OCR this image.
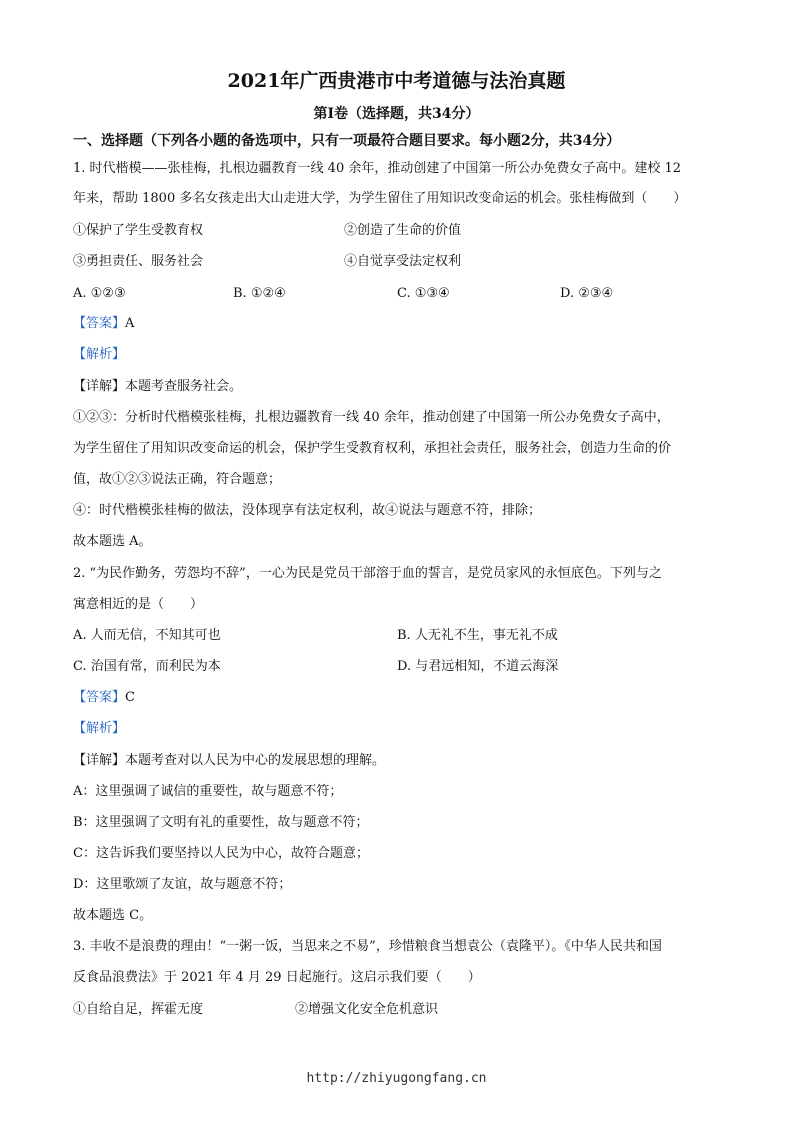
2021年广西贵港市中考道德与法治真题
第Ⅰ卷（选择题，共34分）
一、选择题（下列各小题的备选项中，只有一项最符合题目要求。每小题2分，共34分）
1. 时代楷模——张桂梅，扎根边疆教育一线 40 余年，推动创建了中国第一所公办免费女子高中。建校 12
年来，帮助 1800 多名女孩走出大山走进大学，为学生留住了用知识改变命运的机会。张桂梅做到（　　）
①保护了学生受教育权	②创造了生命的价值
③勇担责任、服务社会	④自觉享受法定权利
A. ①②③	B. ①②④	C. ①③④	D. ②③④
【答案】A
【解析】
【详解】本题考查服务社会。
①②③：分析时代楷模张桂梅，扎根边疆教育一线 40 余年，推动创建了中国第一所公办免费女子高中，
为学生留住了用知识改变命运的机会，保护学生受教育权利，承担社会责任，服务社会，创造力生命的价
值，故①②③说法正确，符合题意；
④：时代楷模张桂梅的做法，没体现享有法定权利，故④说法与题意不符，排除；
故本题选 A。
2. “为民作勤务，劳怨均不辞”，一心为民是党员干部溶于血的誓言，是党员家风的永恒底色。下列与之
寓意相近的是（　　）
A. 人而无信，不知其可也	B. 人无礼不生，事无礼不成
C. 治国有常，而利民为本	D. 与君远相知，不道云海深
【答案】C
【解析】
【详解】本题考查对以人民为中心的发展思想的理解。
A：这里强调了诚信的重要性，故与题意不符；
B：这里强调了文明有礼的重要性，故与题意不符；
C：这告诉我们要坚持以人民为中心，故符合题意；
D：这里歌颂了友谊，故与题意不符；
故本题选 C。
3. 丰收不是浪费的理由！“一粥一饭，当思来之不易”，珍惜粮食当想袁公（袁隆平）。《中华人民共和国
反食品浪费法》于 2021 年 4 月 29 日起施行。这启示我们要（　　）
①自给自足，挥霍无度	②增强文化安全危机意识
http://zhiyugongfang.cn
